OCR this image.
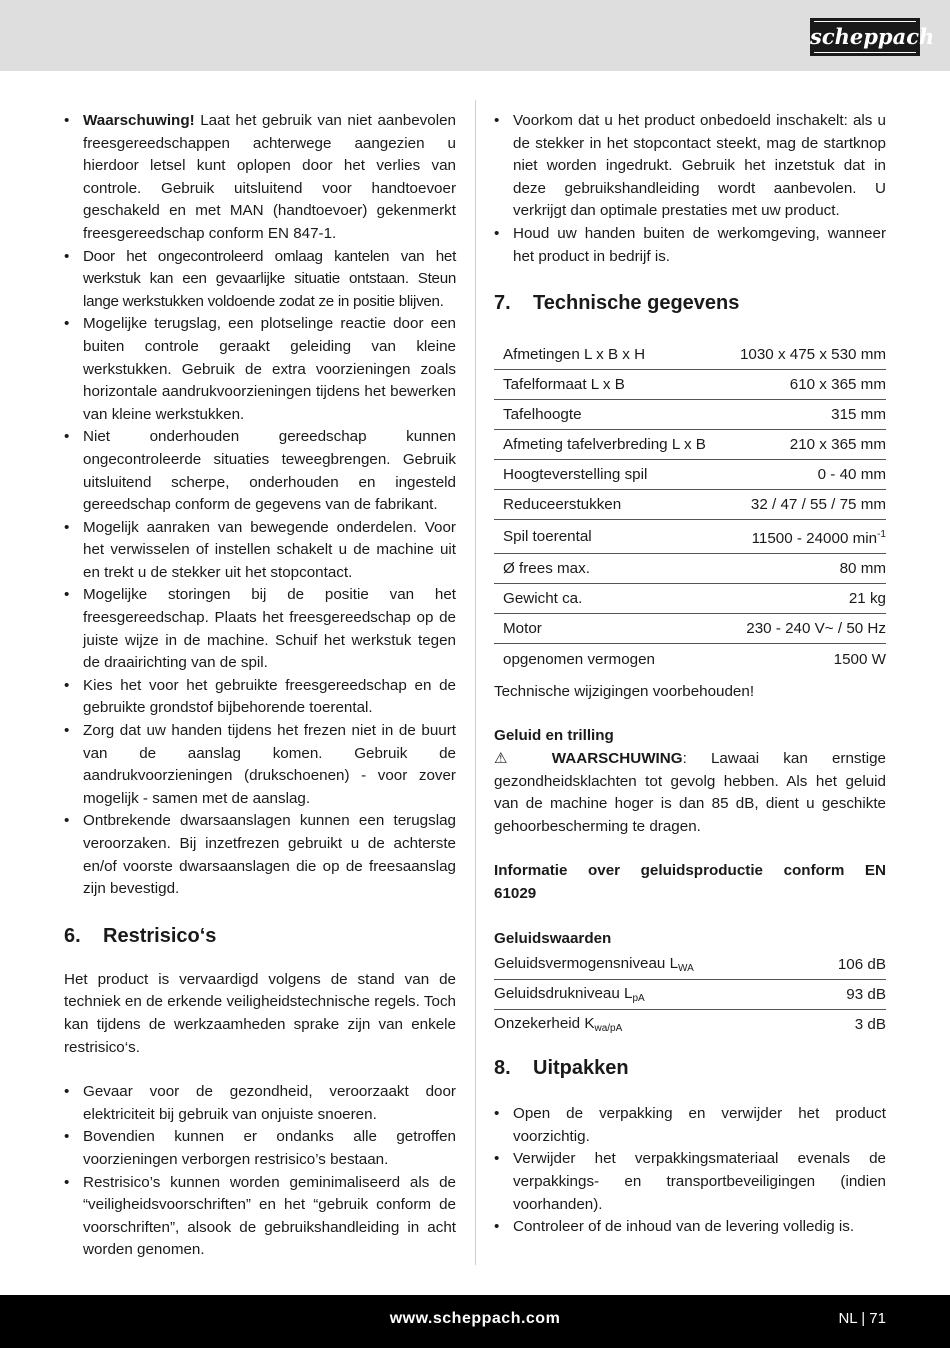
scheppach
• Waarschuwing! Laat het gebruik van niet aanbevolen freesgereedschappen achterwege aangezien u hierdoor letsel kunt oplopen door het verlies van controle. Gebruik uitsluitend voor handtoevoer geschakeld en met MAN (handtoevoer) gekenmerkt freesgereedschap conform EN 847-1.
• Door het ongecontroleerd omlaag kantelen van het werkstuk kan een gevaarlijke situatie ontstaan. Steun lange werkstukken voldoende zodat ze in positie blijven.
• Mogelijke terugslag, een plotselinge reactie door een buiten controle geraakt geleiding van kleine werkstukken. Gebruik de extra voorzieningen zoals horizontale aandrukvoorzieningen tijdens het bewerken van kleine werkstukken.
• Niet onderhouden gereedschap kunnen ongecontroleerde situaties teweegbrengen. Gebruik uitsluitend scherpe, onderhouden en ingesteld gereedschap conform de gegevens van de fabrikant.
• Mogelijk aanraken van bewegende onderdelen. Voor het verwisselen of instellen schakelt u de machine uit en trekt u de stekker uit het stopcontact.
• Mogelijke storingen bij de positie van het freesgereedschap. Plaats het freesgereedschap op de juiste wijze in de machine. Schuif het werkstuk tegen de draairichting van de spil.
• Kies het voor het gebruikte freesgereedschap en de gebruikte grondstof bijbehorende toerental.
• Zorg dat uw handen tijdens het frezen niet in de buurt van de aanslag komen. Gebruik de aandrukvoorzieningen (drukschoenen) - voor zover mogelijk - samen met de aanslag.
• Ontbrekende dwarsaanslagen kunnen een terugslag veroorzaken. Bij inzetfrezen gebruikt u de achterste en/of voorste dwarsaanslagen die op de freesaanslag zijn bevestigd.
6. Restrisico‘s

Het product is vervaardigd volgens de stand van de techniek en de erkende veiligheidstechnische regels. Toch kan tijdens de werkzaamheden sprake zijn van enkele restrisico‘s.

• Gevaar voor de gezondheid, veroorzaakt door elektriciteit bij gebruik van onjuiste snoeren.
• Bovendien kunnen er ondanks alle getroffen voorzieningen verborgen restrisico’s bestaan.
• Restrisico’s kunnen worden geminimaliseerd als de “veiligheidsvoorschriften” en het “gebruik conform de voorschriften”, alsook de gebruikshandleiding in acht worden genomen.
• Voorkom dat u het product onbedoeld inschakelt: als u de stekker in het stopcontact steekt, mag de startknop niet worden ingedrukt. Gebruik het inzetstuk dat in deze gebruikshandleiding wordt aanbevolen. U verkrijgt dan optimale prestaties met uw product.
• Houd uw handen buiten de werkomgeving, wanneer het product in bedrijf is.
7. Technische gegevens
Afmetingen L x B x H	1030 x 475 x 530 mm
Tafelformaat L x B	610 x 365 mm
Tafelhoogte	315 mm
Afmeting tafelverbreding L x B	210 x 365 mm
Hoogteverstelling spil	0 - 40 mm
Reduceerstukken	32 / 47 / 55 / 75 mm
Spil toerental	11500 - 24000 $\min^{-1}$
Ø frees max.	80 mm
Gewicht ca.	21 kg
Motor	230 - 240 V~ / 50 Hz
opgenomen vermogen	1500 W

Technische wijzigingen voorbehouden!

Geluid en trilling

⚠ WAARSCHUWING: Lawaai kan ernstige gezondheidsklachten tot gevolg hebben. Als het geluid van de machine hoger is dan 85 dB, dient u geschikte gehoorbescherming te dragen.

Informatie over geluidsproductie conform EN 61029
Geluidswaarden
Geluidsvermogensniveau $L_{WA}$	106 dB
Geluidsdrukniveau $L_{pA}$	93 dB
Onzekerheid $K_{wa/pA}$	3 dB
8. Uitpakken
• Open de verpakking en verwijder het product voorzichtig.
• Verwijder het verpakkingsmateriaal evenals de verpakkings- en transportbeveiligingen (indien voorhanden).
• Controleer of de inhoud van de levering volledig is.
www.scheppach.com	NL | 71
